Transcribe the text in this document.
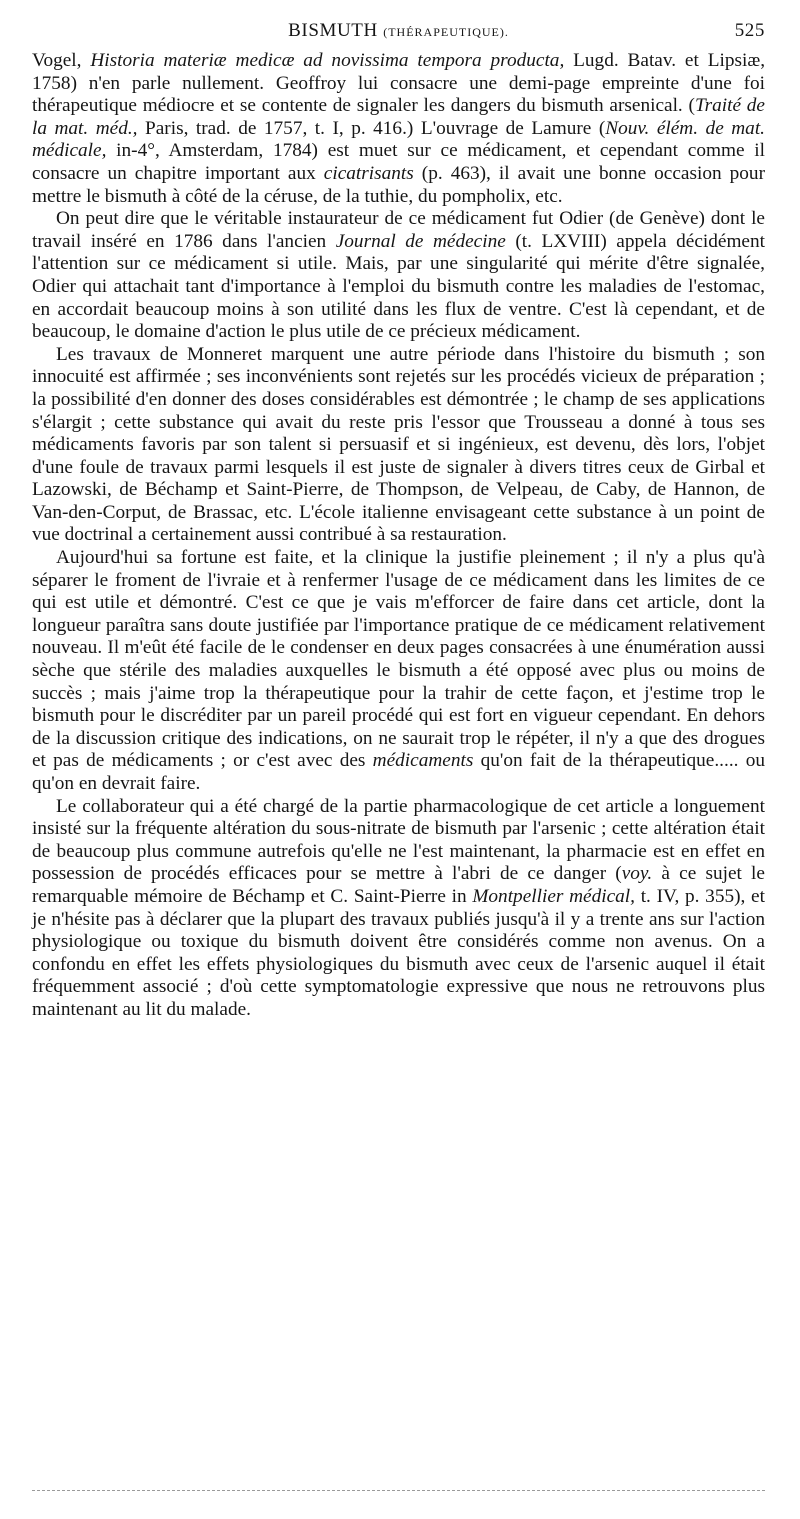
BISMUTH (THÉRAPEUTIQUE).	525

Vogel, Historia materiæ medicæ ad novissima tempora producta, Lugd. Batav. et Lipsiæ, 1758) n'en parle nullement. Geoffroy lui consacre une demi-page empreinte d'une foi thérapeutique médiocre et se contente de signaler les dangers du bismuth arsenical. (Traité de la mat. méd., Paris, trad. de 1757, t. I, p. 416.) L'ouvrage de Lamure (Nouv. élém. de mat. médicale, in-4°, Amsterdam, 1784) est muet sur ce médicament, et cependant comme il consacre un chapitre important aux cicatrisants (p. 463), il avait une bonne occasion pour mettre le bismuth à côté de la céruse, de la tuthie, du pompholix, etc.

On peut dire que le véritable instaurateur de ce médicament fut Odier (de Genève) dont le travail inséré en 1786 dans l'ancien Journal de médecine (t. LXVIII) appela décidément l'attention sur ce médicament si utile. Mais, par une singularité qui mérite d'être signalée, Odier qui attachait tant d'importance à l'emploi du bismuth contre les maladies de l'estomac, en accordait beaucoup moins à son utilité dans les flux de ventre. C'est là cependant, et de beaucoup, le domaine d'action le plus utile de ce précieux médicament.

Les travaux de Monneret marquent une autre période dans l'histoire du bismuth ; son innocuité est affirmée ; ses inconvénients sont rejetés sur les procédés vicieux de préparation ; la possibilité d'en donner des doses considérables est démontrée ; le champ de ses applications s'élargit ; cette substance qui avait du reste pris l'essor que Trousseau a donné à tous ses médicaments favoris par son talent si persuasif et si ingénieux, est devenu, dès lors, l'objet d'une foule de travaux parmi lesquels il est juste de signaler à divers titres ceux de Girbal et Lazowski, de Béchamp et Saint-Pierre, de Thompson, de Velpeau, de Caby, de Hannon, de Van-den-Corput, de Brassac, etc. L'école italienne envisageant cette substance à un point de vue doctrinal a certainement aussi contribué à sa restauration.

Aujourd'hui sa fortune est faite, et la clinique la justifie pleinement ; il n'y a plus qu'à séparer le froment de l'ivraie et à renfermer l'usage de ce médicament dans les limites de ce qui est utile et démontré. C'est ce que je vais m'efforcer de faire dans cet article, dont la longueur paraîtra sans doute justifiée par l'importance pratique de ce médicament relativement nouveau. Il m'eût été facile de le condenser en deux pages consacrées à une énumération aussi sèche que stérile des maladies auxquelles le bismuth a été opposé avec plus ou moins de succès ; mais j'aime trop la thérapeutique pour la trahir de cette façon, et j'estime trop le bismuth pour le discréditer par un pareil procédé qui est fort en vigueur cependant. En dehors de la discussion critique des indications, on ne saurait trop le répéter, il n'y a que des drogues et pas de médicaments ; or c'est avec des médicaments qu'on fait de la thérapeutique..... ou qu'on en devrait faire.

Le collaborateur qui a été chargé de la partie pharmacologique de cet article a longuement insisté sur la fréquente altération du sous-nitrate de bismuth par l'arsenic ; cette altération était de beaucoup plus commune autrefois qu'elle ne l'est maintenant, la pharmacie est en effet en possession de procédés efficaces pour se mettre à l'abri de ce danger (voy. à ce sujet le remarquable mémoire de Béchamp et C. Saint-Pierre in Montpellier médical, t. IV, p. 355), et je n'hésite pas à déclarer que la plupart des travaux publiés jusqu'à il y a trente ans sur l'action physiologique ou toxique du bismuth doivent être considérés comme non avenus. On a confondu en effet les effets physiologiques du bismuth avec ceux de l'arsenic auquel il était fréquemment associé ; d'où cette symptomatologie expressive que nous ne retrouvons plus maintenant au lit du malade.
